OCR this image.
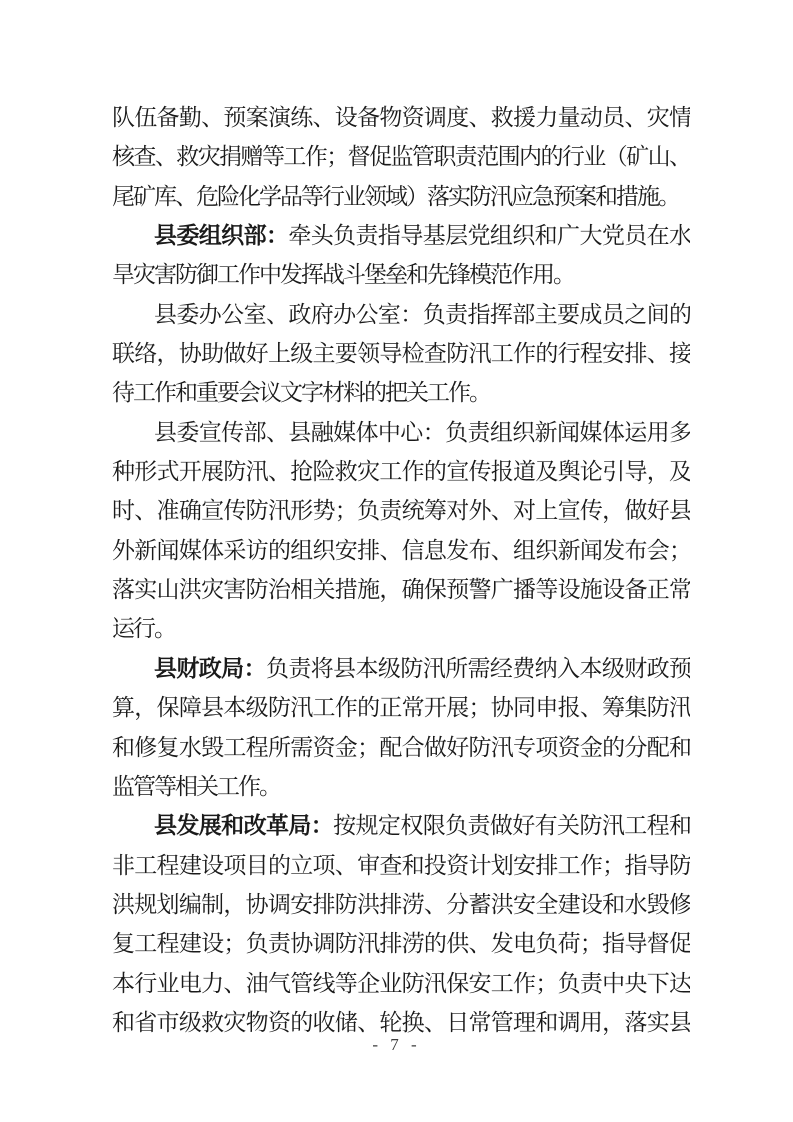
队伍备勤、预案演练、设备物资调度、救援力量动员、灾情
核查、救灾捐赠等工作；督促监管职责范围内的行业（矿山、
尾矿库、危险化学品等行业领域）落实防汛应急预案和措施。
县委组织部：牵头负责指导基层党组织和广大党员在水
旱灾害防御工作中发挥战斗堡垒和先锋模范作用。
县委办公室、政府办公室：负责指挥部主要成员之间的
联络，协助做好上级主要领导检查防汛工作的行程安排、接
待工作和重要会议文字材料的把关工作。
县委宣传部、县融媒体中心：负责组织新闻媒体运用多
种形式开展防汛、抢险救灾工作的宣传报道及舆论引导，及
时、准确宣传防汛形势；负责统筹对外、对上宣传，做好县
外新闻媒体采访的组织安排、信息发布、组织新闻发布会；
落实山洪灾害防治相关措施，确保预警广播等设施设备正常
运行。
县财政局：负责将县本级防汛所需经费纳入本级财政预
算，保障县本级防汛工作的正常开展；协同申报、筹集防汛
和修复水毁工程所需资金；配合做好防汛专项资金的分配和
监管等相关工作。
县发展和改革局：按规定权限负责做好有关防汛工程和
非工程建设项目的立项、审查和投资计划安排工作；指导防
洪规划编制，协调安排防洪排涝、分蓄洪安全建设和水毁修
复工程建设；负责协调防汛排涝的供、发电负荷；指导督促
本行业电力、油气管线等企业防汛保安工作；负责中央下达
和省市级救灾物资的收储、轮换、日常管理和调用，落实县
- 7 -
